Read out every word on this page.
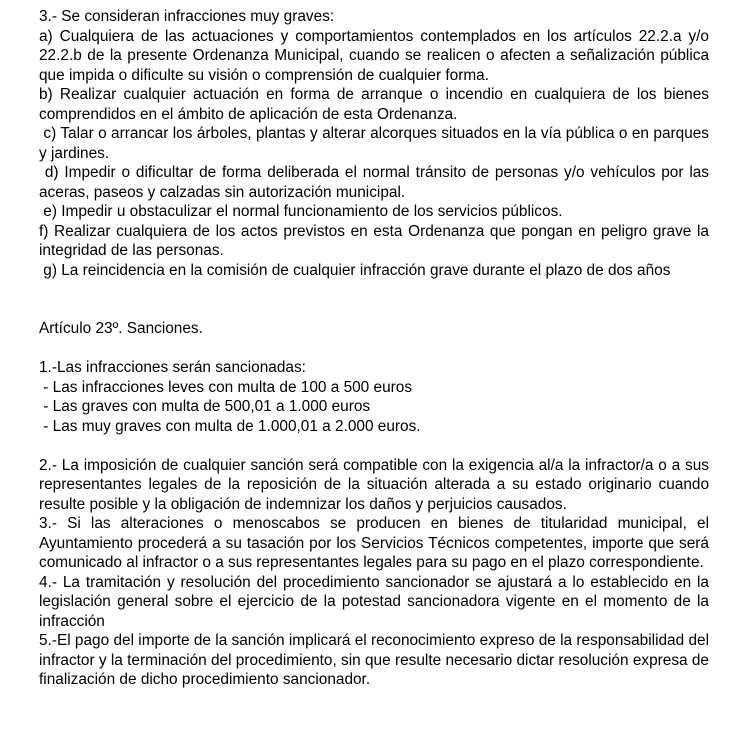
3.- Se consideran infracciones muy graves:

a) Cualquiera de las actuaciones y comportamientos contemplados en los artículos 22.2.a y/o 22.2.b de la presente Ordenanza Municipal, cuando se realicen o afecten a señalización pública que impida o dificulte su visión o comprensión de cualquier forma.

b) Realizar cualquier actuación en forma de arranque o incendio en cualquiera de los bienes comprendidos en el ámbito de aplicación de esta Ordenanza.

c) Talar o arrancar los árboles, plantas y alterar alcorques situados en la vía pública o en parques y jardines.

d) Impedir o dificultar de forma deliberada el normal tránsito de personas y/o vehículos por las aceras, paseos y calzadas sin autorización municipal.

e) Impedir u obstaculizar el normal funcionamiento de los servicios públicos.

f) Realizar cualquiera de los actos previstos en esta Ordenanza que pongan en peligro grave la integridad de las personas.

g) La reincidencia en la comisión de cualquier infracción grave durante el plazo de dos años

Artículo 23º. Sanciones.

1.-Las infracciones serán sancionadas:

- Las infracciones leves con multa de 100 a 500 euros

- Las graves con multa de 500,01 a 1.000 euros

- Las muy graves con multa de 1.000,01 a 2.000 euros.

2.- La imposición de cualquier sanción será compatible con la exigencia al/a la infractor/a o a sus representantes legales de la reposición de la situación alterada a su estado originario cuando resulte posible y la obligación de indemnizar los daños y perjuicios causados.

3.- Si las alteraciones o menoscabos se producen en bienes de titularidad municipal, el Ayuntamiento procederá a su tasación por los Servicios Técnicos competentes, importe que será comunicado al infractor o a sus representantes legales para su pago en el plazo correspondiente.

4.- La tramitación y resolución del procedimiento sancionador se ajustará a lo establecido en la legislación general sobre el ejercicio de la potestad sancionadora vigente en el momento de la infracción

5.-El pago del importe de la sanción implicará el reconocimiento expreso de la responsabilidad del infractor y la terminación del procedimiento, sin que resulte necesario dictar resolución expresa de finalización de dicho procedimiento sancionador.
